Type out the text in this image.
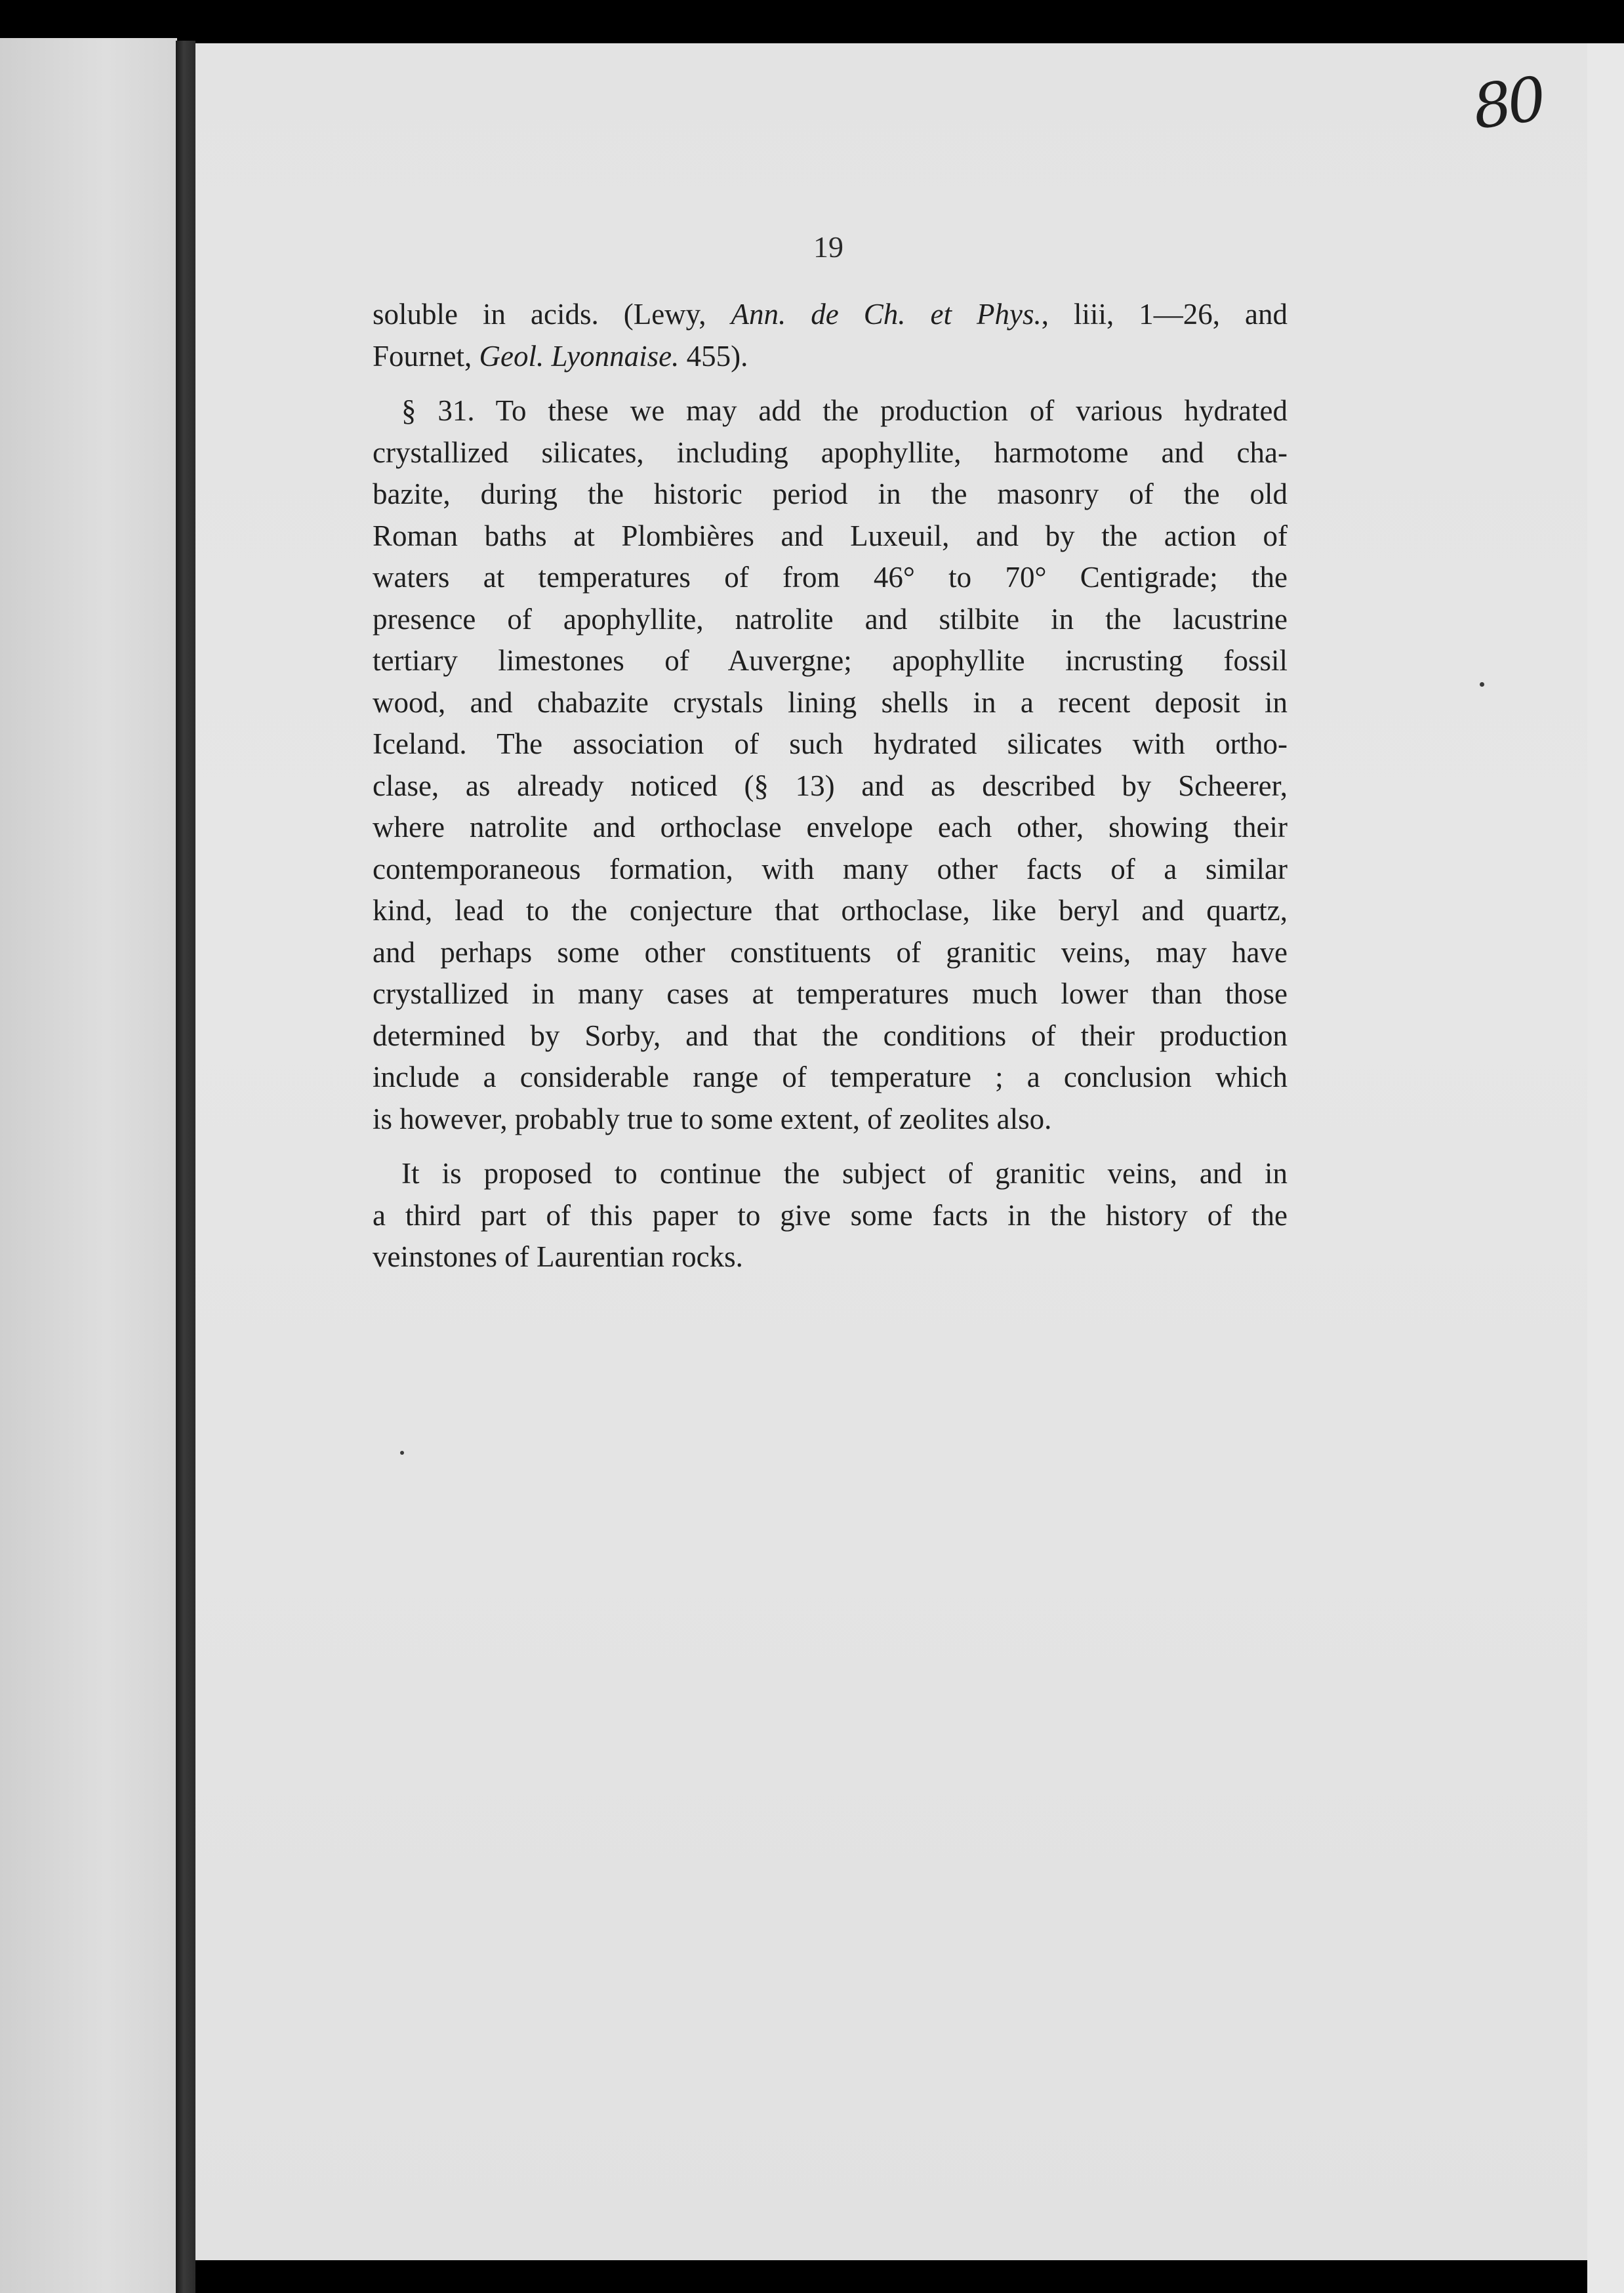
80
19

soluble in acids. (Lewy, Ann. de Ch. et Phys., liii, 1—26, and
Fournet, Geol. Lyonnaise. 455).

§ 31. To these we may add the production of various hydrated
crystallized silicates, including apophyllite, harmotome and cha-
bazite, during the historic period in the masonry of the old
Roman baths at Plombières and Luxeuil, and by the action of
waters at temperatures of from 46° to 70° Centigrade; the
presence of apophyllite, natrolite and stilbite in the lacustrine
tertiary limestones of Auvergne; apophyllite incrusting fossil
wood, and chabazite crystals lining shells in a recent deposit in
Iceland. The association of such hydrated silicates with ortho-
clase, as already noticed (§ 13) and as described by Scheerer,
where natrolite and orthoclase envelope each other, showing their
contemporaneous formation, with many other facts of a similar
kind, lead to the conjecture that orthoclase, like beryl and quartz,
and perhaps some other constituents of granitic veins, may have
crystallized in many cases at temperatures much lower than those
determined by Sorby, and that the conditions of their production
include a considerable range of temperature ; a conclusion which
is however, probably true to some extent, of zeolites also.

It is proposed to continue the subject of granitic veins, and in
a third part of this paper to give some facts in the history of the
veinstones of Laurentian rocks.
